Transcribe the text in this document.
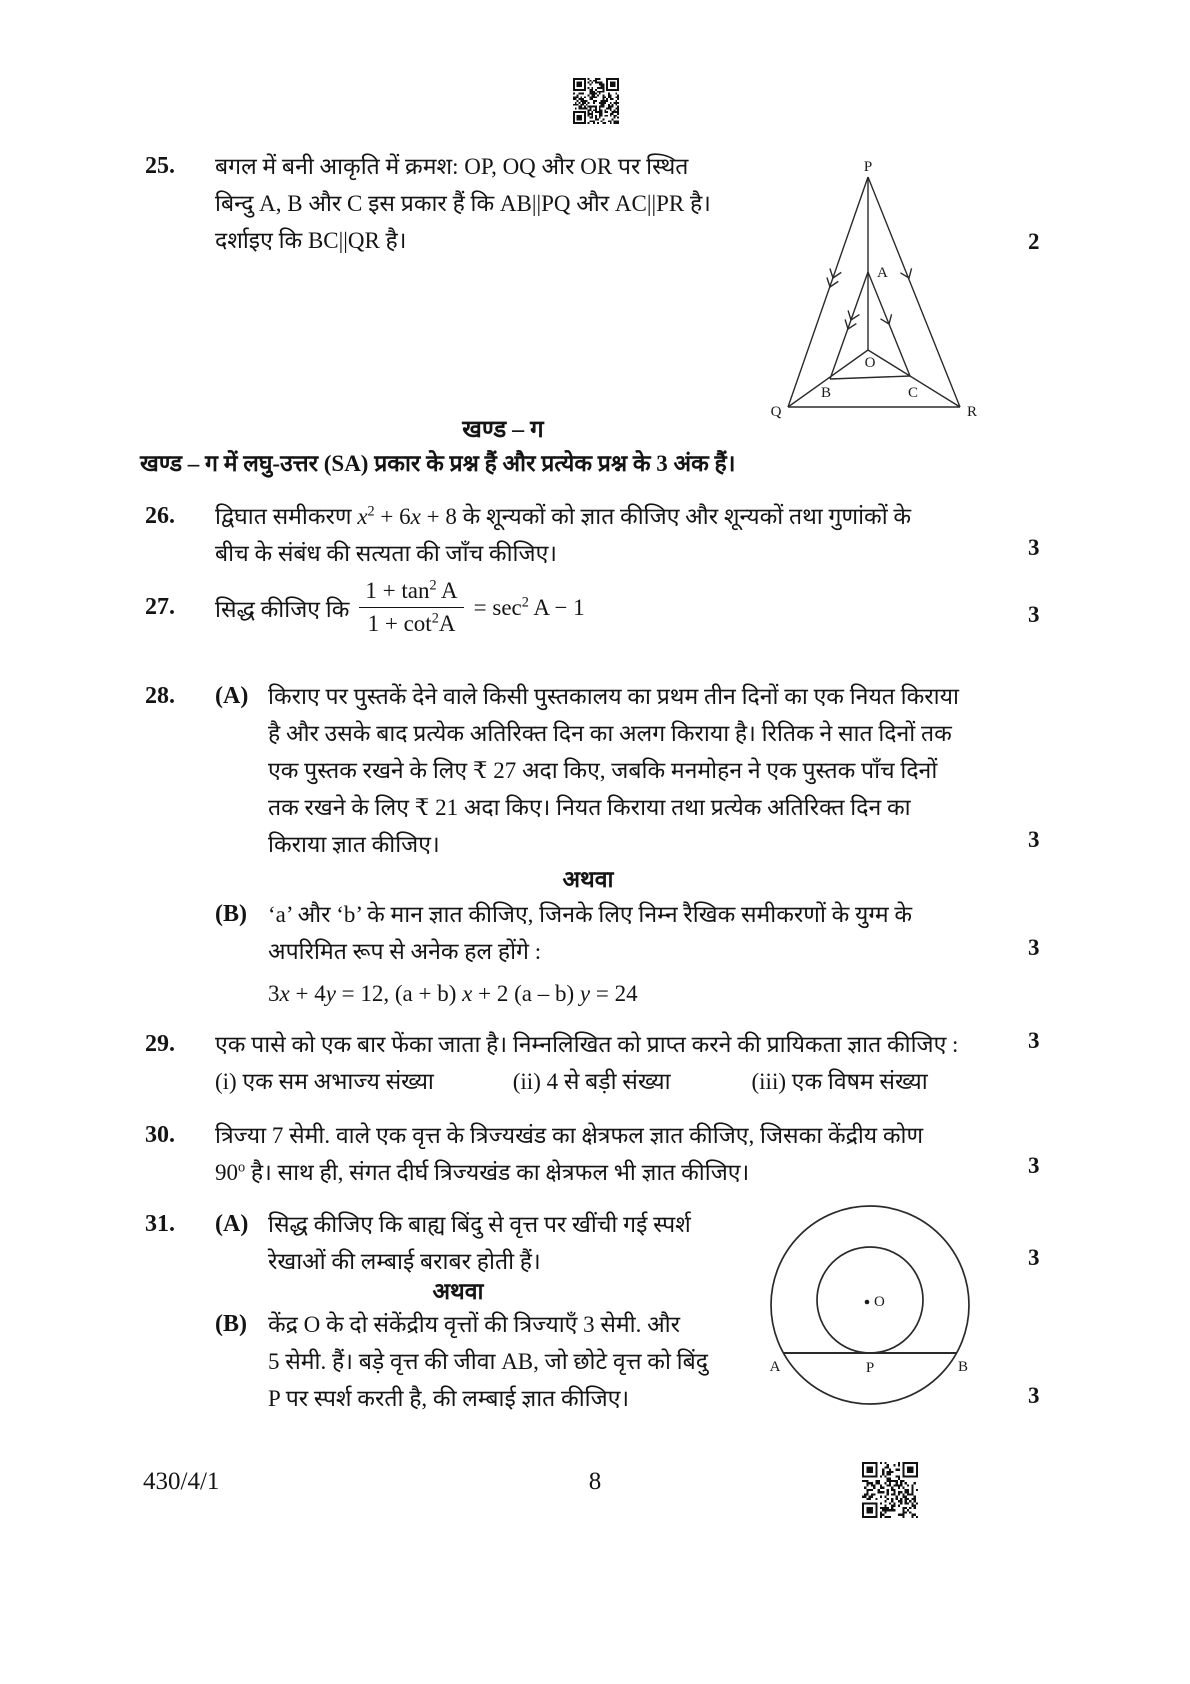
25.	बगल में बनी आकृति में क्रमश: OP, OQ और OR पर स्थित
बिन्दु A, B और C इस प्रकार हैं कि AB||PQ और AC||PR है।
दर्शाइए कि BC||QR है।	2
P
A
O
B	C
Q	R
खण्ड – ग
खण्ड – ग में लघु-उत्तर (SA) प्रकार के प्रश्न हैं और प्रत्येक प्रश्न के 3 अंक हैं।
26.	द्विघात समीकरण $x^2 + 6x + 8$ के शून्यकों को ज्ञात कीजिए और शून्यकों तथा गुणांकों के
बीच के संबंध की सत्यता की जाँच कीजिए।	3
27.	सिद्ध कीजिए कि $\frac{1 + \tan^2 A}{1 + \cot^2A} = \sec^2 A - 1$	3
28.	(A) किराए पर पुस्तकें देने वाले किसी पुस्तकालय का प्रथम तीन दिनों का एक नियत किराया
है और उसके बाद प्रत्येक अतिरिक्त दिन का अलग किराया है। रितिक ने सात दिनों तक
एक पुस्तक रखने के लिए ₹ 27 अदा किए, जबकि मनमोहन ने एक पुस्तक पाँच दिनों
तक रखने के लिए ₹ 21 अदा किए। नियत किराया तथा प्रत्येक अतिरिक्त दिन का
किराया ज्ञात कीजिए।	3
अथवा
(B) ‘a’ और ‘b’ के मान ज्ञात कीजिए, जिनके लिए निम्न रैखिक समीकरणों के युग्म के
अपरिमित रूप से अनेक हल होंगे :
3x + 4y = 12, (a + b) x + 2 (a – b) y = 24
3
29.	एक पासे को एक बार फेंका जाता है। निम्नलिखित को प्राप्त करने की प्रायिकता ज्ञात कीजिए :
(i) एक सम अभाज्य संख्या	(ii) 4 से बड़ी संख्या	(iii) एक विषम संख्या
3
30.	त्रिज्या 7 सेमी. वाले एक वृत्त के त्रिज्यखंड का क्षेत्रफल ज्ञात कीजिए, जिसका केंद्रीय कोण
90$^o$ है। साथ ही, संगत दीर्घ त्रिज्यखंड का क्षेत्रफल भी ज्ञात कीजिए।	3
31.	(A) सिद्ध कीजिए कि बाह्य बिंदु से वृत्त पर खींची गई स्पर्श
रेखाओं की लम्बाई बराबर होती हैं।	3
अथवा
(B) केंद्र O के दो संकेंद्रीय वृत्तों की त्रिज्याएँ 3 सेमी. और
5 सेमी. हैं। बड़े वृत्त की जीवा AB, जो छोटे वृत्त को बिंदु
P पर स्पर्श करती है, की लम्बाई ज्ञात कीजिए।	3
O
A	P	B
430/4/1	8
